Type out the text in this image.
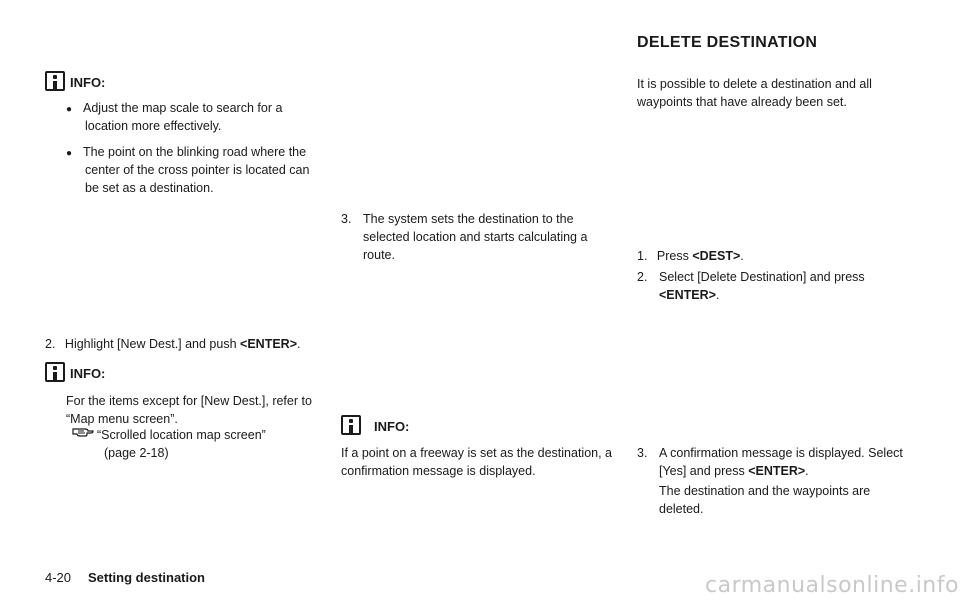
INFO:
● Adjust the map scale to search for a
location more effectively.
● The point on the blinking road where the
center of the cross pointer is located can
be set as a destination.
2. Highlight [New Dest.] and push <ENTER>.
INFO:
For the items except for [New Dest.], refer to
“Map menu screen”.
“Scrolled location map screen”
(page 2-18)
3. The system sets the destination to the
selected location and starts calculating a
route.
INFO:
If a point on a freeway is set as the destination, a
confirmation message is displayed.
DELETE DESTINATION
It is possible to delete a destination and all
waypoints that have already been set.
1. Press <DEST>.
2. Select [Delete Destination] and press
<ENTER>.
3. A confirmation message is displayed. Select
[Yes] and press <ENTER>.
The destination and the waypoints are
deleted.
4-20 Setting destination	carmanualsonline.info
